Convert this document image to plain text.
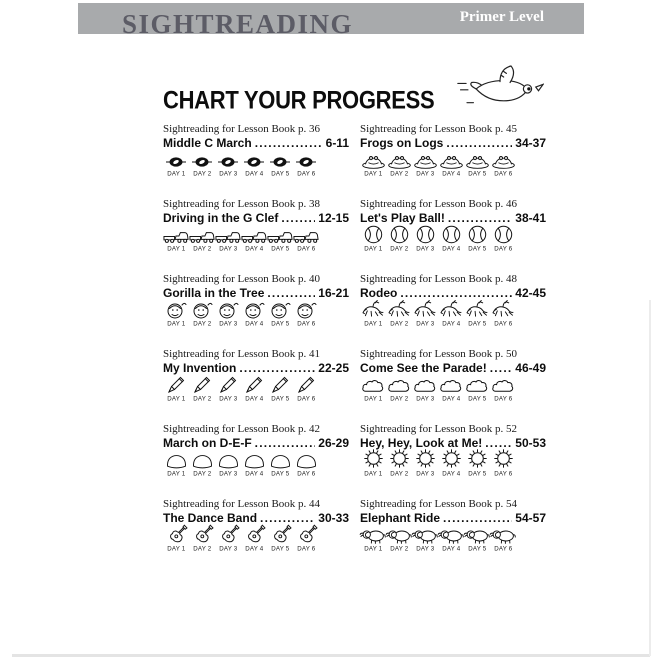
SIGHTREADING	Primer Level
CHART YOUR PROGRESS
Sightreading for Lesson Book p. 36
Middle C March .....	6-11
DAY 1 DAY 2 DAY 3 DAY 4 DAY 5 DAY 6
Sightreading for Lesson Book p. 45
Frogs on Logs .....	34-37
DAY 1 DAY 2 DAY 3 DAY 4 DAY 5 DAY 6
Sightreading for Lesson Book p. 38
Driving in the G Clef .....	12-15
DAY 1 DAY 2 DAY 3 DAY 4 DAY 5 DAY 6
Sightreading for Lesson Book p. 46
Let's Play Ball! .....	38-41
DAY 1 DAY 2 DAY 3 DAY 4 DAY 5 DAY 6
Sightreading for Lesson Book p. 40
Gorilla in the Tree .....	16-21
DAY 1 DAY 2 DAY 3 DAY 4 DAY 5 DAY 6
Sightreading for Lesson Book p. 48
Rodeo .....	42-45
DAY 1 DAY 2 DAY 3 DAY 4 DAY 5 DAY 6
Sightreading for Lesson Book p. 41
My Invention .....	22-25
DAY 1 DAY 2 DAY 3 DAY 4 DAY 5 DAY 6
Sightreading for Lesson Book p. 50
Come See the Parade! ..... 46-49
DAY 1 DAY 2 DAY 3 DAY 4 DAY 5 DAY 6
Sightreading for Lesson Book p. 42
March on D-E-F .....	26-29
DAY 1 DAY 2 DAY 3 DAY 4 DAY 5 DAY 6
Sightreading for Lesson Book p. 52
Hey, Hey, Look at Me! .....	50-53
DAY 1 DAY 2 DAY 3 DAY 4 DAY 5 DAY 6
Sightreading for Lesson Book p. 44
The Dance Band .....	30-33
DAY 1 DAY 2 DAY 3 DAY 4 DAY 5 DAY 6
Sightreading for Lesson Book p. 54
Elephant Ride .....	54-57
DAY 1 DAY 2 DAY 3 DAY 4 DAY 5 DAY 6
